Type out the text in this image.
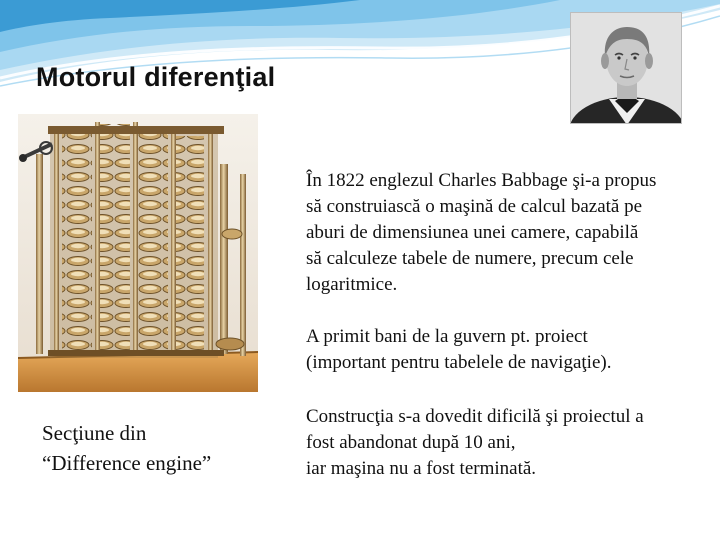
Motorul diferenţial
Secţiune din
“Difference engine”
În 1822 englezul Charles Babbage şi-a propus
să construiască o maşină de calcul bazată pe
aburi de dimensiunea unei camere, capabilă
să calculeze tabele de numere, precum cele
logaritmice.
A primit bani de la guvern pt. proiect
(important pentru tabelele de navigaţie).
Construcţia s-a dovedit dificilă şi proiectul a
fost abandonat după 10 ani,
iar maşina nu a fost terminată.
